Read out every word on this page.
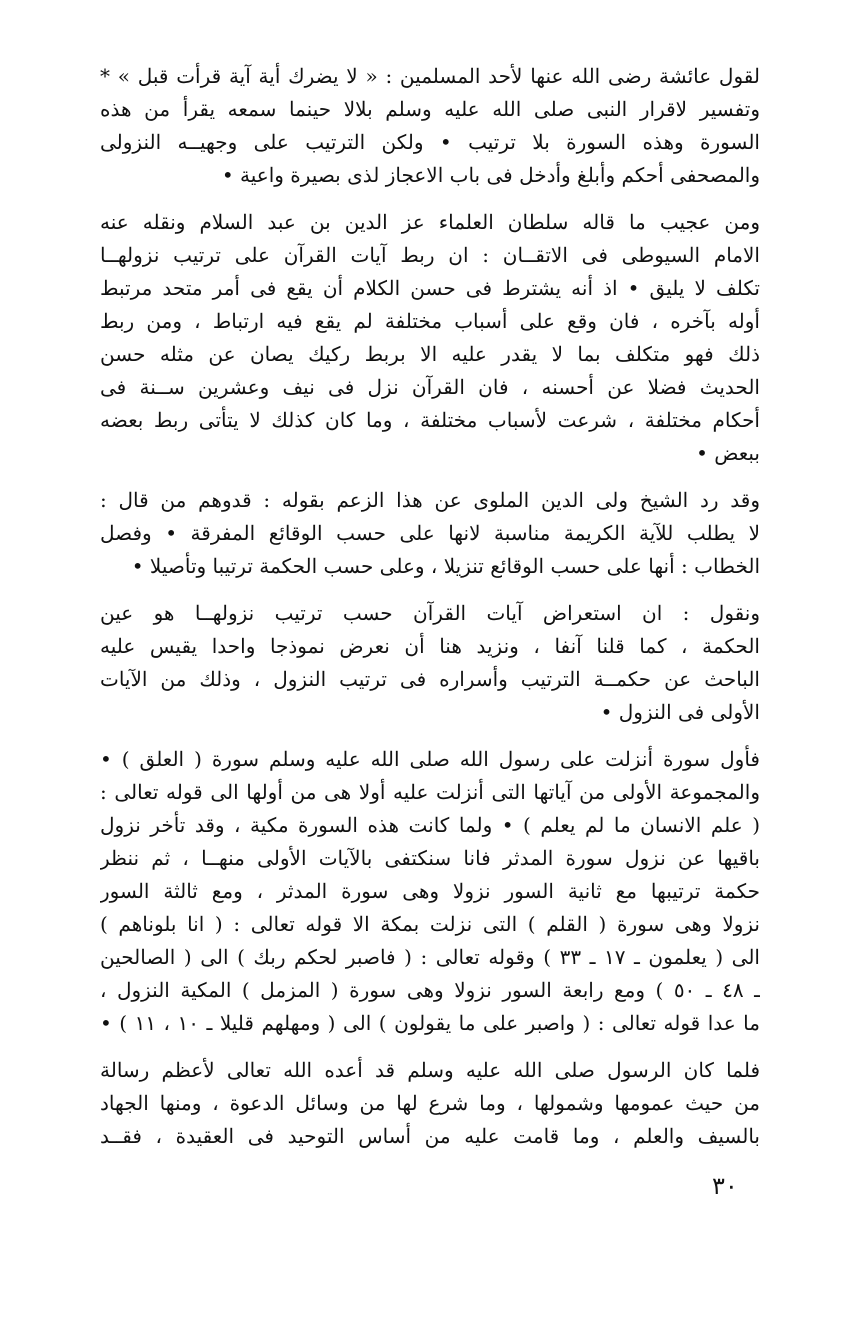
لقول عائشة رضى الله عنها لأحد المسلمين : « لا يضرك أية آية قرأت قبل » *
وتفسير لاقرار النبى صلى الله عليه وسلم بلالا حينما سمعه يقرأ من هذه
السورة وهذه السورة بلا ترتيب • ولكن الترتيب على وجهيــه النزولى
والمصحفى أحكم وأبلغ وأدخل فى باب الاعجاز لذى بصيرة واعية •
ومن عجيب ما قاله سلطان العلماء عز الدين بن عبد السلام ونقله عنه
الامام السيوطى فى الاتقــان : ان ربط آيات القرآن على ترتيب نزولهــا
تكلف لا يليق • اذ أنه يشترط فى حسن الكلام أن يقع فى أمر متحد مرتبط
أوله بآخره ، فان وقع على أسباب مختلفة لم يقع فيه ارتباط ، ومن ربط
ذلك فهو متكلف بما لا يقدر عليه الا بربط ركيك يصان عن مثله حسن
الحديث فضلا عن أحسنه ، فان القرآن نزل فى نيف وعشرين ســنة فى
أحكام مختلفة ، شرعت لأسباب مختلفة ، وما كان كذلك لا يتأتى ربط بعضه
ببعض •
وقد رد الشيخ ولى الدين الملوى عن هذا الزعم بقوله : قدوهم من قال :
لا يطلب للآية الكريمة مناسبة لانها على حسب الوقائع المفرقة • وفصل
الخطاب : أنها على حسب الوقائع تنزيلا ، وعلى حسب الحكمة ترتيبا وتأصيلا •
ونقول : ان استعراض آيات القرآن حسب ترتيب نزولهــا هو عين
الحكمة ، كما قلنا آنفا ، ونزيد هنا أن نعرض نموذجا واحدا يقيس عليه
الباحث عن حكمــة الترتيب وأسراره فى ترتيب النزول ، وذلك من الآيات
الأولى فى النزول •
فأول سورة أنزلت على رسول الله صلى الله عليه وسلم سورة ( العلق ) •
والمجموعة الأولى من آياتها التى أنزلت عليه أولا هى من أولها الى قوله تعالى :
( علم الانسان ما لم يعلم ) • ولما كانت هذه السورة مكية ، وقد تأخر نزول
باقيها عن نزول سورة المدثر فانا سنكتفى بالآيات الأولى منهــا ، ثم ننظر
حكمة ترتيبها مع ثانية السور نزولا وهى سورة المدثر ، ومع ثالثة السور
نزولا وهى سورة ( القلم ) التى نزلت بمكة الا قوله تعالى : ( انا بلوناهم )
الى ( يعلمون ـ ١٧ ـ ٣٣ ) وقوله تعالى : ( فاصبر لحكم ربك ) الى ( الصالحين
ـ ٤٨ ـ ٥٠ ) ومع رابعة السور نزولا وهى سورة ( المزمل ) المكية النزول ،
ما عدا قوله تعالى : ( واصبر على ما يقولون ) الى ( ومهلهم قليلا ـ ١٠ ، ١١ ) •
فلما كان الرسول صلى الله عليه وسلم قد أعده الله تعالى لأعظم رسالة
من حيث عمومها وشمولها ، وما شرع لها من وسائل الدعوة ، ومنها الجهاد
بالسيف والعلم ، وما قامت عليه من أساس التوحيد فى العقيدة ، فقــد
٣٠
